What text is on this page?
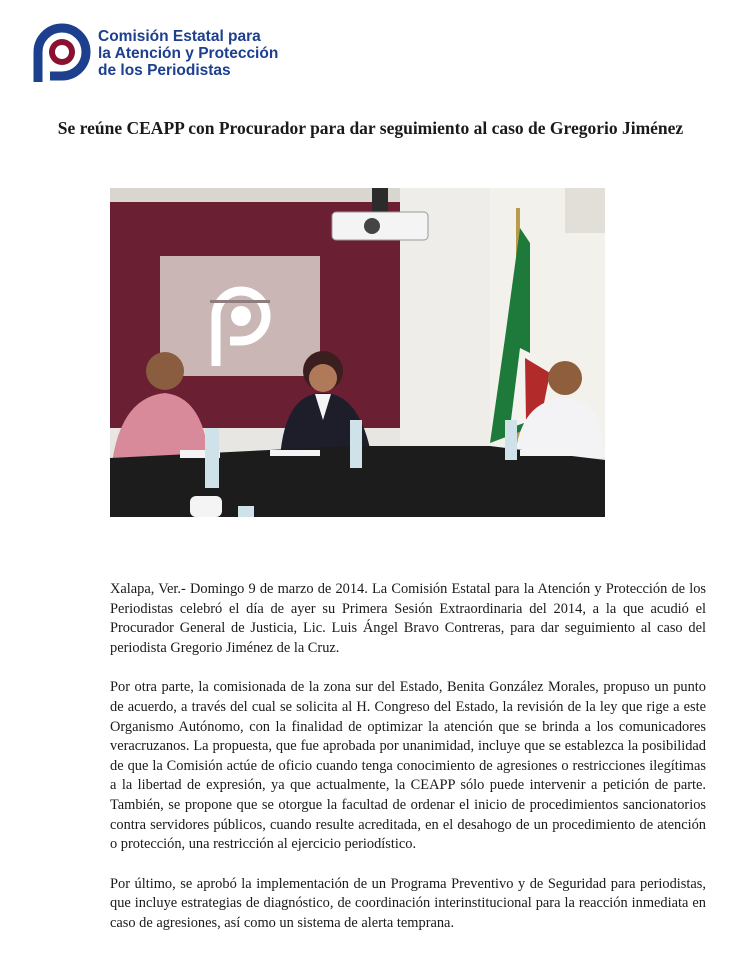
Comisión Estatal para
la Atención y Protección
de los Periodistas
Se reúne CEAPP con Procurador para dar seguimiento al caso de Gregorio Jiménez

Xalapa, Ver.- Domingo 9 de marzo de 2014. La Comisión Estatal para la Atención y Protección de los Periodistas celebró el día de ayer su Primera Sesión Extraordinaria del 2014, a la que acudió el Procurador General de Justicia, Lic. Luis Ángel Bravo Contreras, para dar seguimiento al caso del periodista Gregorio Jiménez de la Cruz.

Por otra parte, la comisionada de la zona sur del Estado, Benita González Morales, propuso un punto de acuerdo, a través del cual se solicita al H. Congreso del Estado, la revisión de la ley que rige a este Organismo Autónomo, con la finalidad de optimizar la atención que se brinda a los comunicadores veracruzanos. La propuesta, que fue aprobada por unanimidad, incluye que se establezca la posibilidad de que la Comisión actúe de oficio cuando tenga conocimiento de agresiones o restricciones ilegítimas a la libertad de expresión, ya que actualmente, la CEAPP sólo puede intervenir a petición de parte. También, se propone que se otorgue la facultad de ordenar el inicio de procedimientos sancionatorios contra servidores públicos, cuando resulte acreditada, en el desahogo de un procedimiento de atención o protección, una restricción al ejercicio periodístico.

Por último, se aprobó la implementación de un Programa Preventivo y de Seguridad para periodistas, que incluye estrategias de diagnóstico, de coordinación interinstitucional para la reacción inmediata en caso de agresiones, así como un sistema de alerta temprana.
